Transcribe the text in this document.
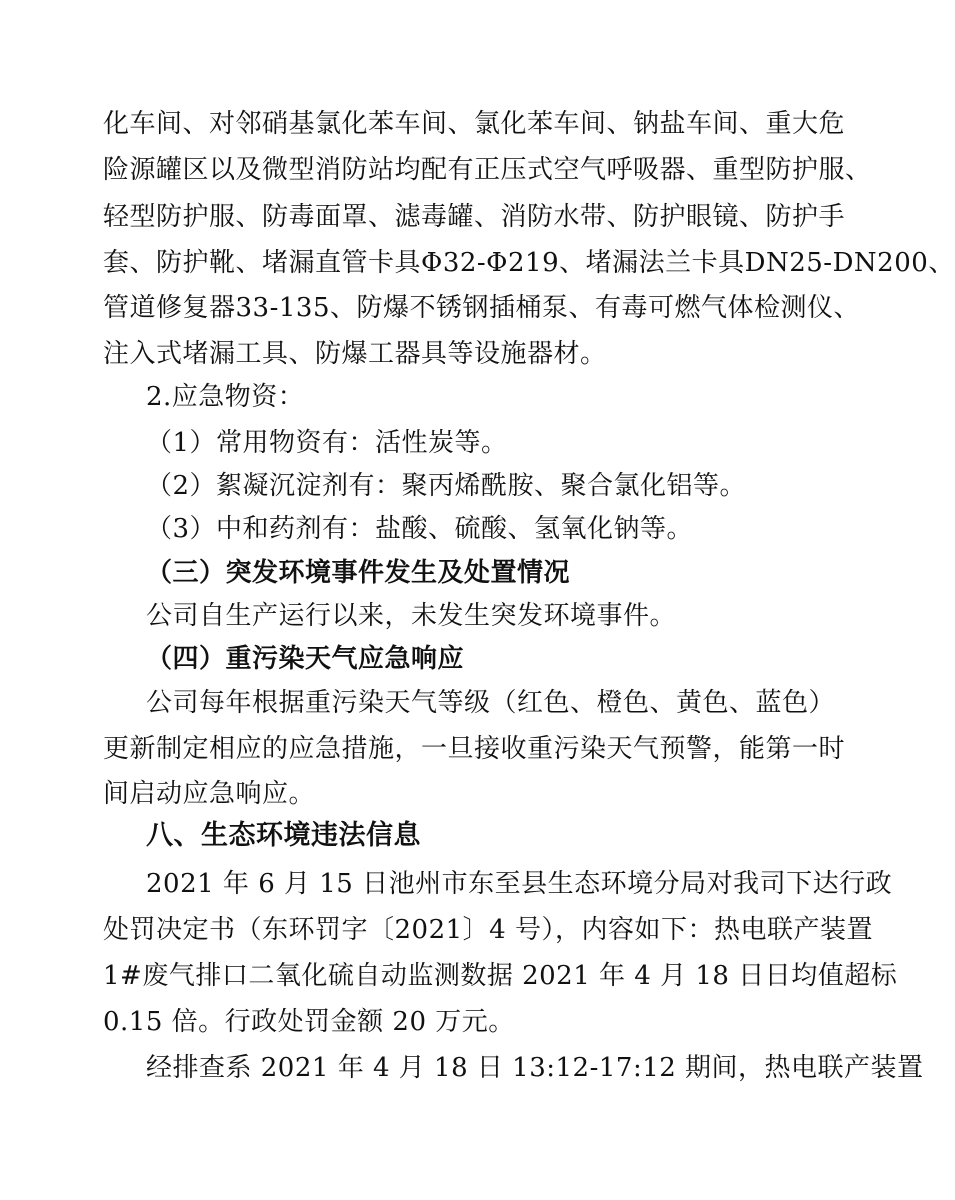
化车间、对邻硝基氯化苯车间、氯化苯车间、钠盐车间、重大危
险源罐区以及微型消防站均配有正压式空气呼吸器、重型防护服、
轻型防护服、防毒面罩、滤毒罐、消防水带、防护眼镜、防护手
套、防护靴、堵漏直管卡具Φ32-Φ219、堵漏法兰卡具DN25-DN200、
管道修复器33-135、防爆不锈钢插桶泵、有毒可燃气体检测仪、
注入式堵漏工具、防爆工器具等设施器材。
2.应急物资：
（1）常用物资有：活性炭等。
（2）絮凝沉淀剂有：聚丙烯酰胺、聚合氯化铝等。
（3）中和药剂有：盐酸、硫酸、氢氧化钠等。
（三）突发环境事件发生及处置情况
公司自生产运行以来，未发生突发环境事件。
（四）重污染天气应急响应
公司每年根据重污染天气等级（红色、橙色、黄色、蓝色）
更新制定相应的应急措施，一旦接收重污染天气预警，能第一时
间启动应急响应。
八、生态环境违法信息
2021 年 6 月 15 日池州市东至县生态环境分局对我司下达行政
处罚决定书（东环罚字〔2021〕4 号），内容如下：热电联产装置
1#废气排口二氧化硫自动监测数据 2021 年 4 月 18 日日均值超标
0.15 倍。行政处罚金额 20 万元。
经排查系 2021 年 4 月 18 日 13:12-17:12 期间，热电联产装置
